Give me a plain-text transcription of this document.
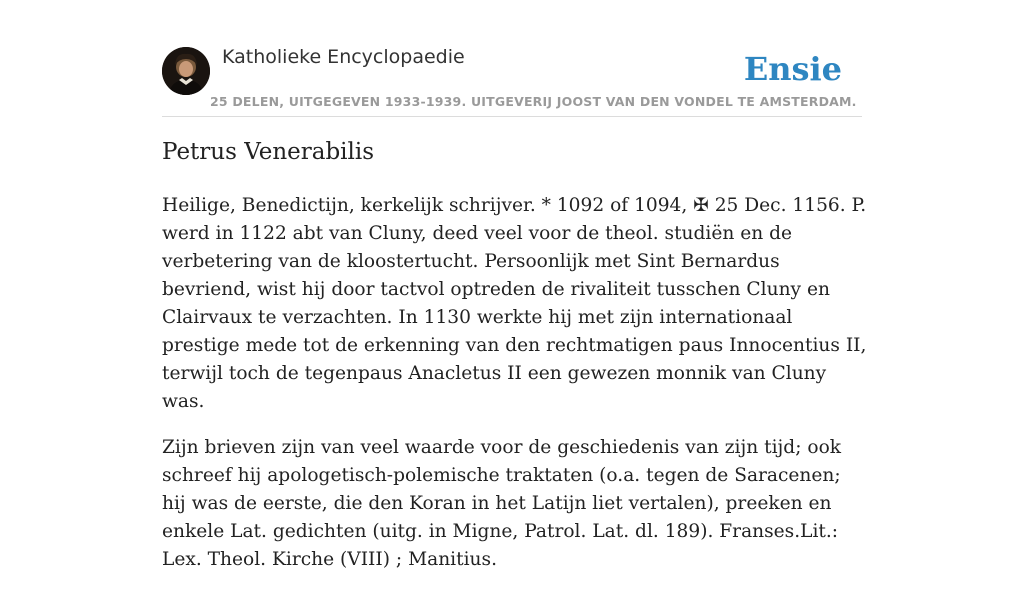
Katholieke Encyclopaedie
25 DELEN, UITGEGEVEN 1933-1939. UITGEVERIJ JOOST VAN DEN VONDEL TE AMSTERDAM.
Ensie
Petrus Venerabilis

Heilige, Benedictijn, kerkelijk schrijver. * 1092 of 1094, ✠ 25 Dec. 1156. P. werd in 1122 abt van Cluny, deed veel voor de theol. studiën en de verbetering van de kloostertucht. Persoonlijk met Sint Bernardus bevriend, wist hij door tactvol optreden de rivaliteit tusschen Cluny en Clairvaux te verzachten. In 1130 werkte hij met zijn internationaal prestige mede tot de erkenning van den rechtmatigen paus Innocentius II, terwijl toch de tegenpaus Anacletus II een gewezen monnik van Cluny was.

Zijn brieven zijn van veel waarde voor de geschiedenis van zijn tijd; ook schreef hij apologetisch-polemische traktaten (o.a. tegen de Saracenen; hij was de eerste, die den Koran in het Latijn liet vertalen), preeken en enkele Lat. gedichten (uitg. in Migne, Patrol. Lat. dl. 189). Franses.Lit.: Lex. Theol. Kirche (VIII) ; Manitius.
